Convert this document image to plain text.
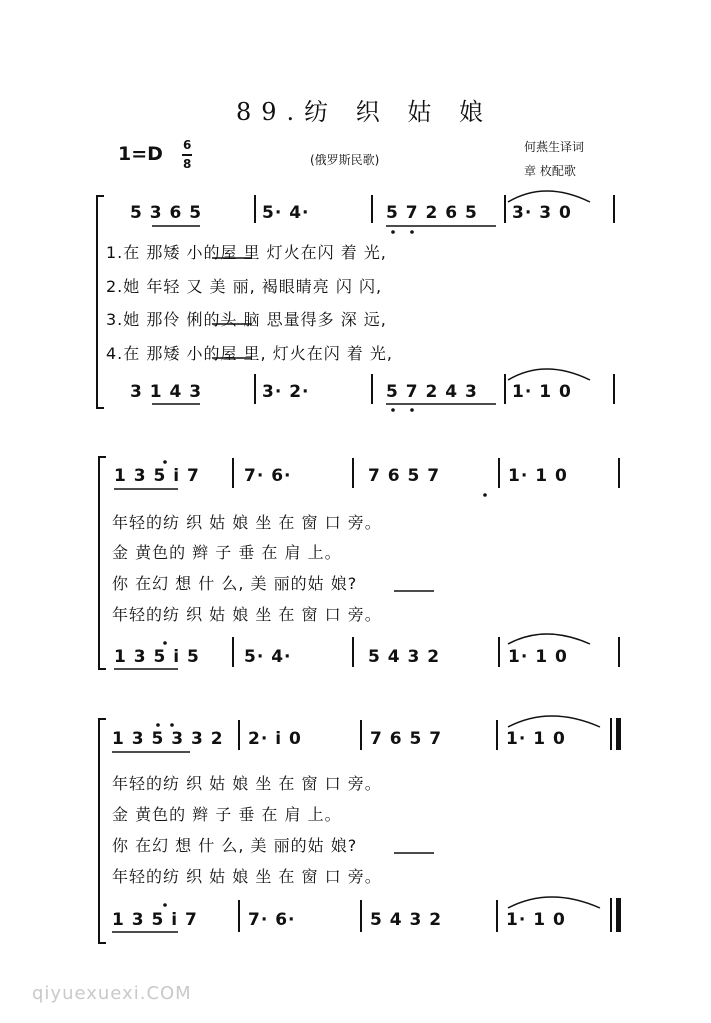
89.纺 织 姑 娘
1=D 6
8	(俄罗斯民歌)
何燕生译词
章 枚配歌
5 3 6 5	5· 4·	5 7 2 6 5 3· 3 0
1.在 那矮 小的屋 里 灯火在闪 着 光,
2.她 年轻 又 美 丽, 褐眼睛亮 闪 闪,
3.她 那伶 俐的头 脑 思量得多 深 远,
4.在 那矮 小的屋 里, 灯火在闪 着 光,
3 1 4 3	3· 2·	5 7 2 4 3 1· 1 0
1 3 5 i 7	7· 6·	7 6 5 7	1· 1 0
年轻的纺 织 姑 娘 坐 在 窗 口 旁。
金 黄色的 辫 子 垂 在 肩 上。
你 在幻 想 什 么, 美 丽的姑 娘?
年轻的纺 织 姑 娘 坐 在 窗 口 旁。
1 3 5 i 5	5· 4·	5 4 3 2	1· 1 0
1 3 5 3 3 2 2· i 0	7 6 5 7	1· 1 0
年轻的纺 织 姑 娘 坐 在 窗 口 旁。
金 黄色的 辫 子 垂 在 肩 上。
你 在幻 想 什 么, 美 丽的姑 娘?
年轻的纺 织 姑 娘 坐 在 窗 口 旁。
1 3 5 i 7	7· 6·	5 4 3 2	1· 1 0
qiyuexuexi.COM
